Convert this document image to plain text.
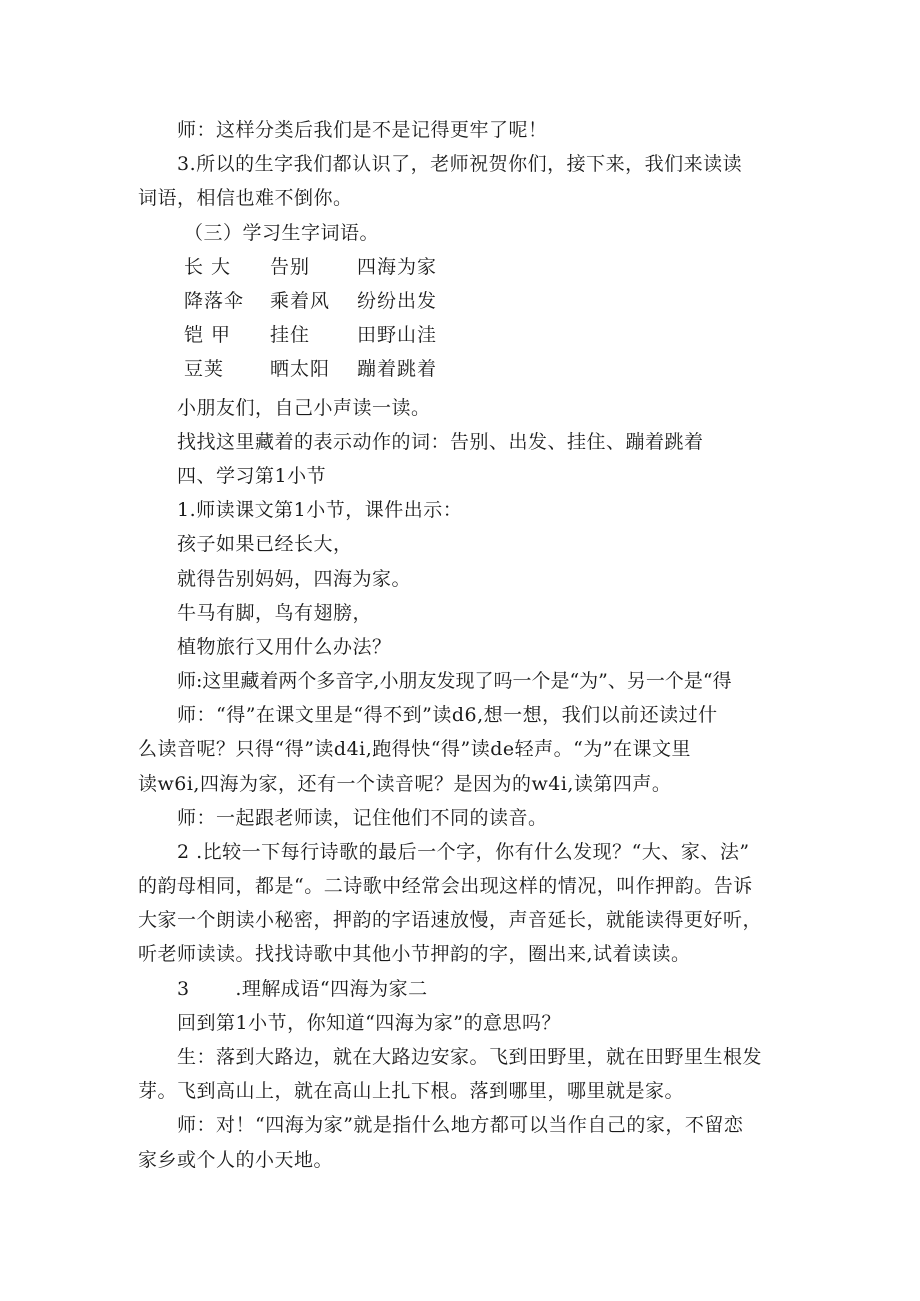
师：这样分类后我们是不是记得更牢了呢！
3.所以的生字我们都认识了，老师祝贺你们，接下来，我们来读读
词语，相信也难不倒你。
（三）学习生字词语。
长 大 告别 四海为家
降落伞 乘着风 纷纷出发
铠 甲 挂住 田野山洼
豆荚 晒太阳 蹦着跳着
小朋友们，自己小声读一读。
找找这里藏着的表示动作的词：告别、出发、挂住、蹦着跳着
四、学习第1小节
1.师读课文第1小节，课件出示：
孩子如果已经长大，
就得告别妈妈，四海为家。
牛马有脚，鸟有翅膀，
植物旅行又用什么办法？
师:这里藏着两个多音字,小朋友发现了吗一个是“为”、另一个是“得
师：“得”在课文里是“得不到”读d6,想一想，我们以前还读过什
么读音呢？只得“得”读d4i,跑得快“得”读de轻声。“为”在课文里
读w6i,四海为家，还有一个读音呢？是因为的w4i,读第四声。
师：一起跟老师读，记住他们不同的读音。
2 .比较一下每行诗歌的最后一个字，你有什么发现？“大、家、法”
的韵母相同，都是“。二诗歌中经常会出现这样的情况，叫作押韵。告诉
大家一个朗读小秘密，押韵的字语速放慢，声音延长，就能读得更好听，
听老师读读。找找诗歌中其他小节押韵的字，圈出来,试着读读。
3       .理解成语“四海为家二
回到第1小节，你知道“四海为家”的意思吗？
生：落到大路边，就在大路边安家。飞到田野里，就在田野里生根发
芽。飞到高山上，就在高山上扎下根。落到哪里，哪里就是家。
师：对！“四海为家”就是指什么地方都可以当作自己的家，不留恋
家乡或个人的小天地。
